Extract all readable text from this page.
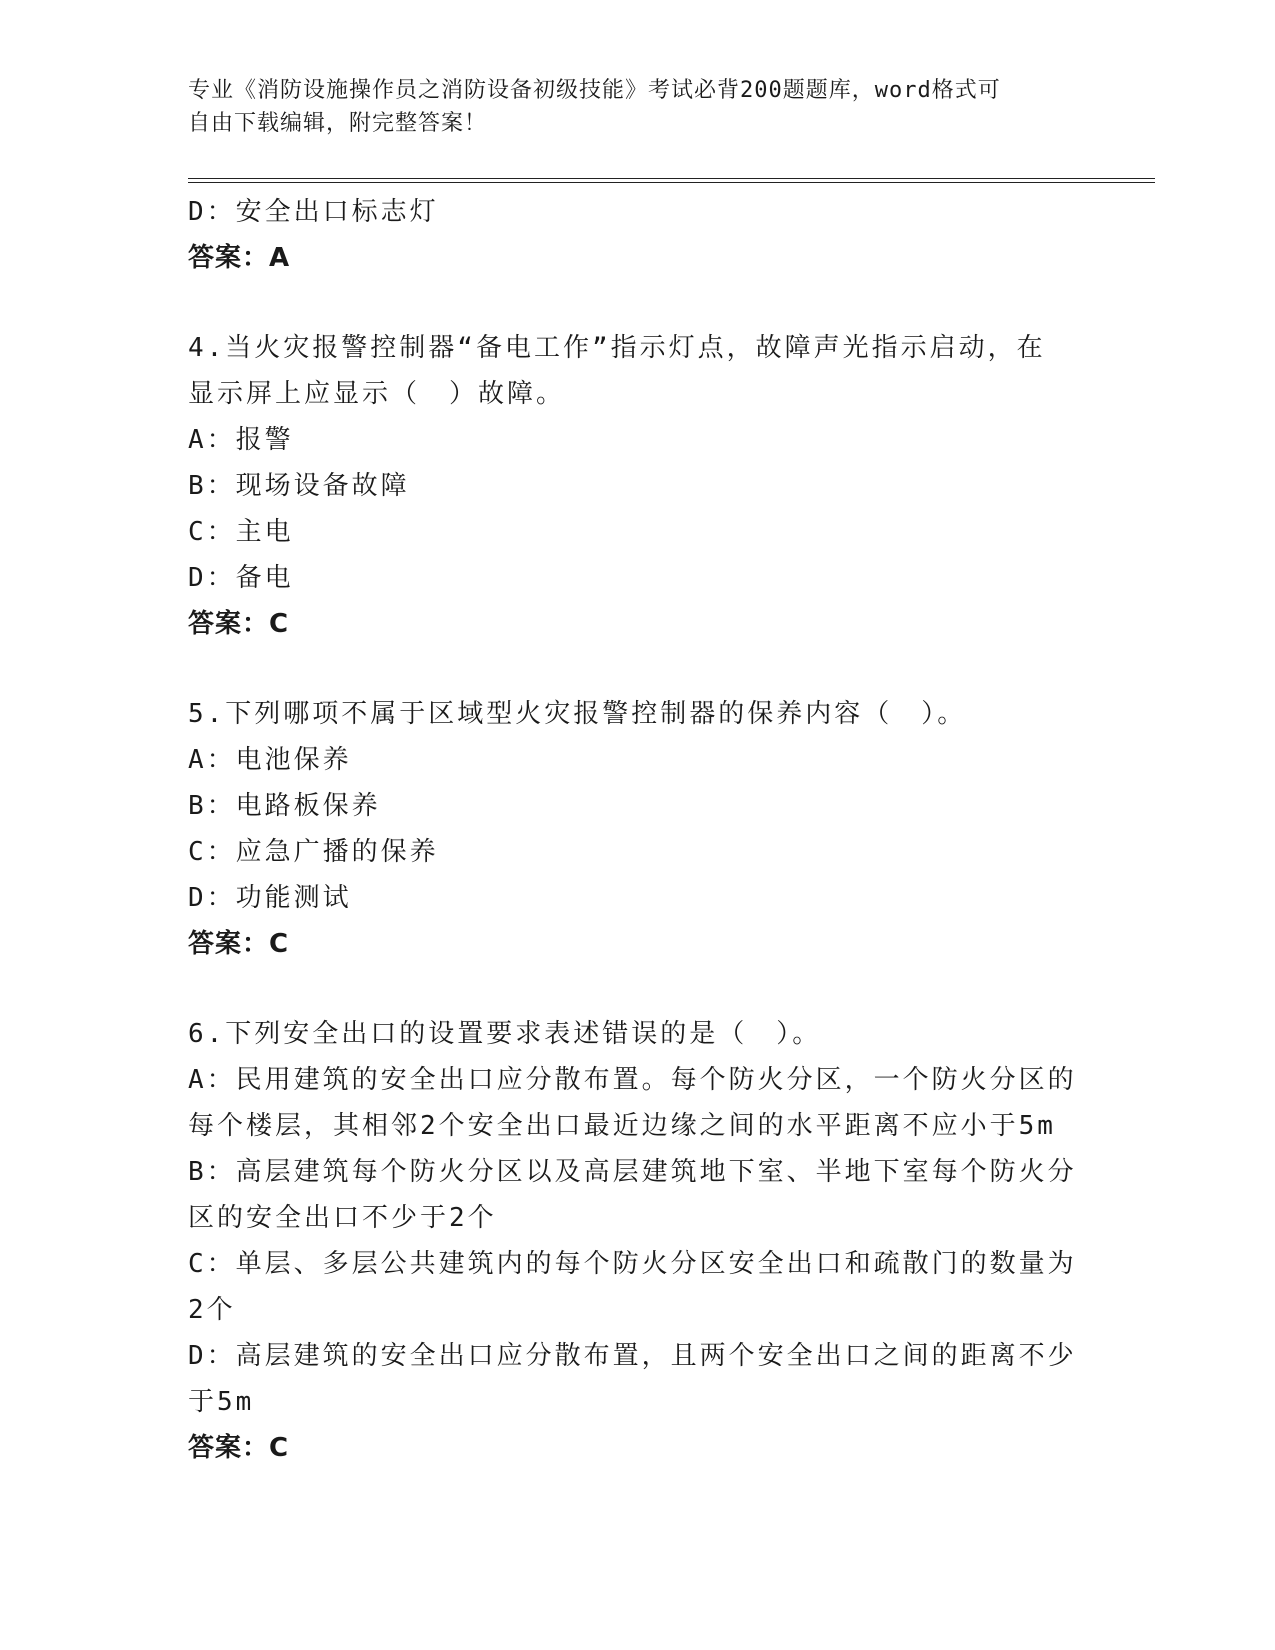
专业《消防设施操作员之消防设备初级技能》考试必背200题题库，word格式可
自由下载编辑，附完整答案！
D：安全出口标志灯
答案：A
4.当火灾报警控制器“备电工作”指示灯点，故障声光指示启动，在
显示屏上应显示（　）故障。
A：报警
B：现场设备故障
C：主电
D：备电
答案：C
5.下列哪项不属于区域型火灾报警控制器的保养内容（　）。
A：电池保养
B：电路板保养
C：应急广播的保养
D：功能测试
答案：C
6.下列安全出口的设置要求表述错误的是（　）。
A：民用建筑的安全出口应分散布置。每个防火分区，一个防火分区的
每个楼层，其相邻2个安全出口最近边缘之间的水平距离不应小于5m
B：高层建筑每个防火分区以及高层建筑地下室、半地下室每个防火分
区的安全出口不少于2个
C：单层、多层公共建筑内的每个防火分区安全出口和疏散门的数量为
2个
D：高层建筑的安全出口应分散布置，且两个安全出口之间的距离不少
于5m
答案：C
